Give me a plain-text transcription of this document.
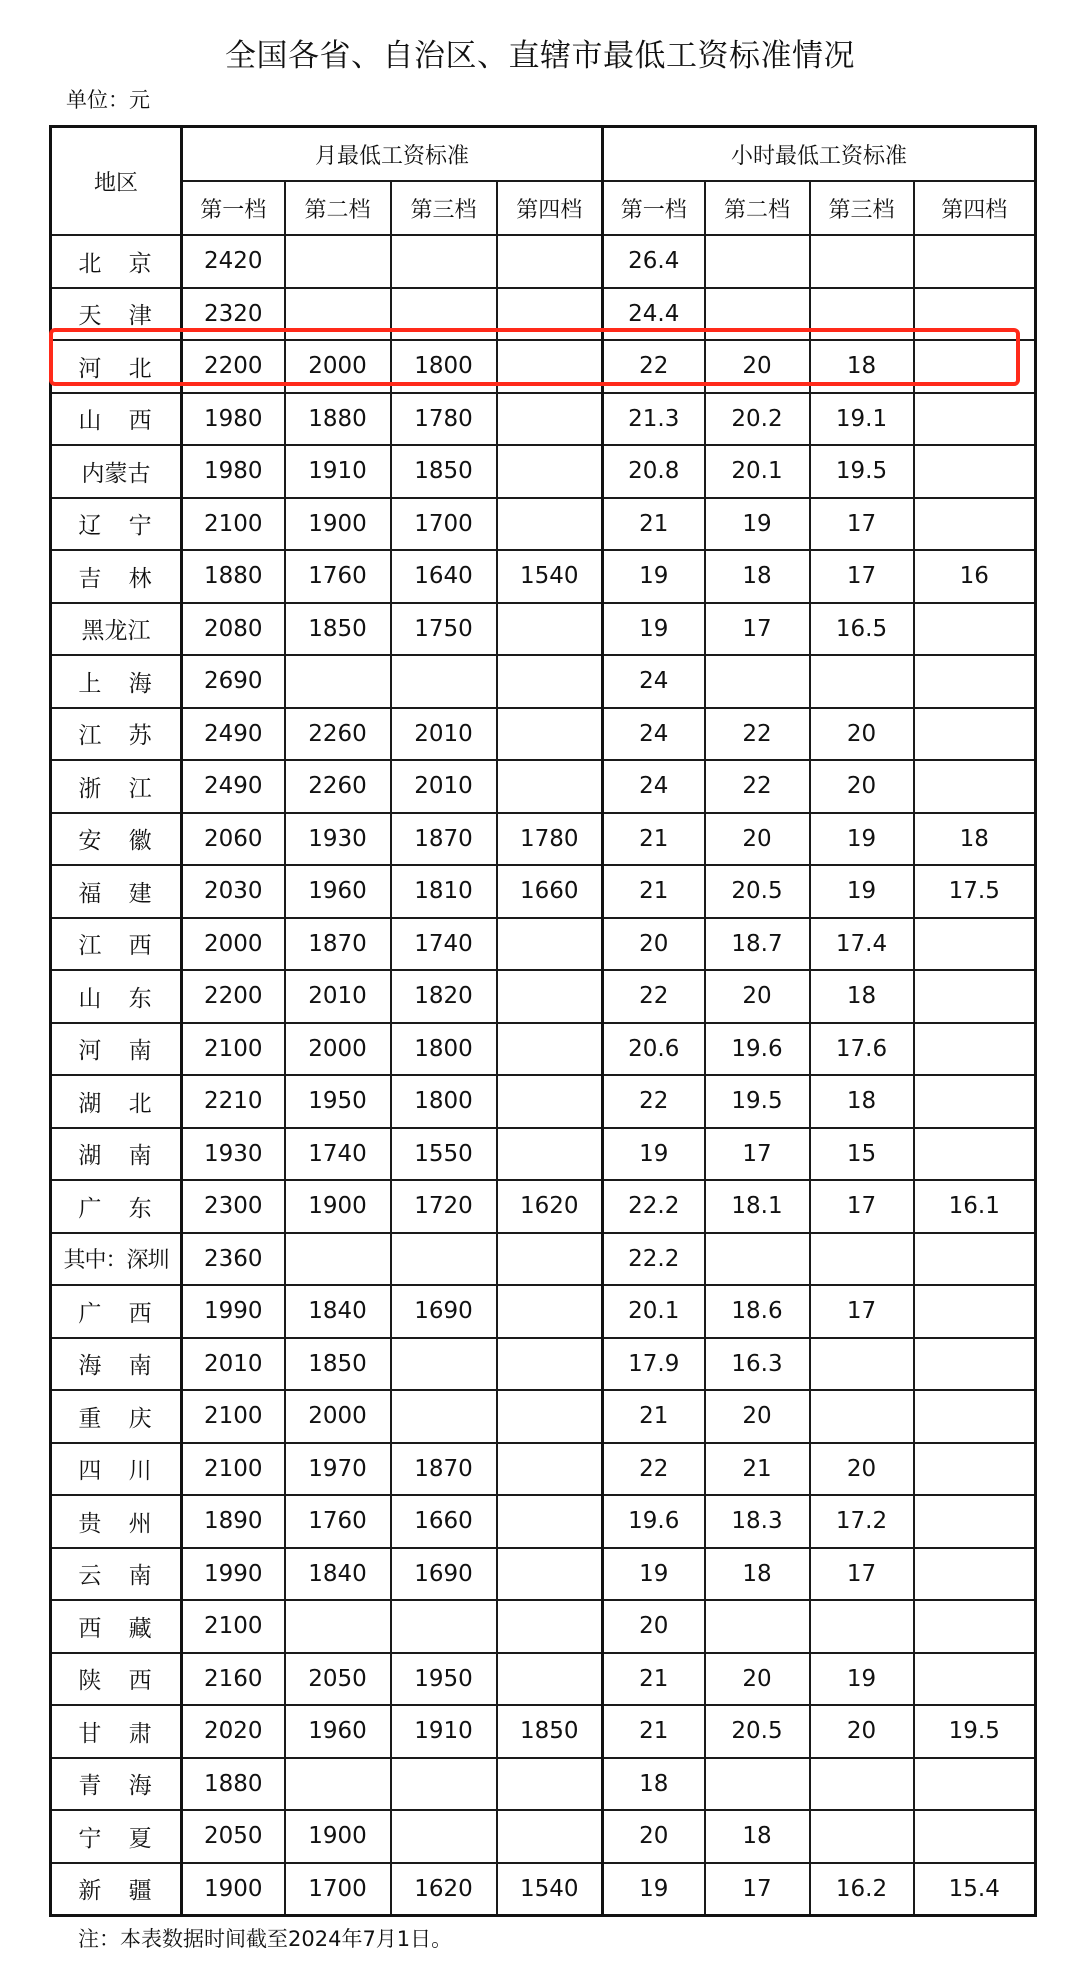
全国各省、自治区、直辖市最低工资标准情况
单位：元
地区	月最低工资标准				小时最低工资标准			
	第一档	第二档	第三档	第四档	第一档	第二档	第三档	第四档
北 京	2420				26.4			
天 津	2320				24.4			
河 北	2200	2000	1800		22	20	18	
山 西	1980	1880	1780		21.3	20.2	19.1	
内蒙古	1980	1910	1850		20.8	20.1	19.5	
辽 宁	2100	1900	1700		21	19	17	
吉 林	1880	1760	1640	1540	19	18	17	16
黑龙江	2080	1850	1750		19	17	16.5	
上 海	2690				24			
江 苏	2490	2260	2010		24	22	20	
浙 江	2490	2260	2010		24	22	20	
安 徽	2060	1930	1870	1780	21	20	19	18
福 建	2030	1960	1810	1660	21	20.5	19	17.5
江 西	2000	1870	1740		20	18.7	17.4	
山 东	2200	2010	1820		22	20	18	
河 南	2100	2000	1800		20.6	19.6	17.6	
湖 北	2210	1950	1800		22	19.5	18	
湖 南	1930	1740	1550		19	17	15	
广 东	2300	1900	1720	1620	22.2	18.1	17	16.1
其中：深圳	2360				22.2			
广 西	1990	1840	1690		20.1	18.6	17	
海 南	2010	1850			17.9	16.3		
重 庆	2100	2000			21	20		
四 川	2100	1970	1870		22	21	20	
贵 州	1890	1760	1660		19.6	18.3	17.2	
云 南	1990	1840	1690		19	18	17	
西 藏	2100				20			
陕 西	2160	2050	1950		21	20	19	
甘 肃	2020	1960	1910	1850	21	20.5	20	19.5
青 海	1880				18			
宁 夏	2050	1900			20	18		
新 疆	1900	1700	1620	1540	19	17	16.2	15.4
注：本表数据时间截至2024年7月1日。
